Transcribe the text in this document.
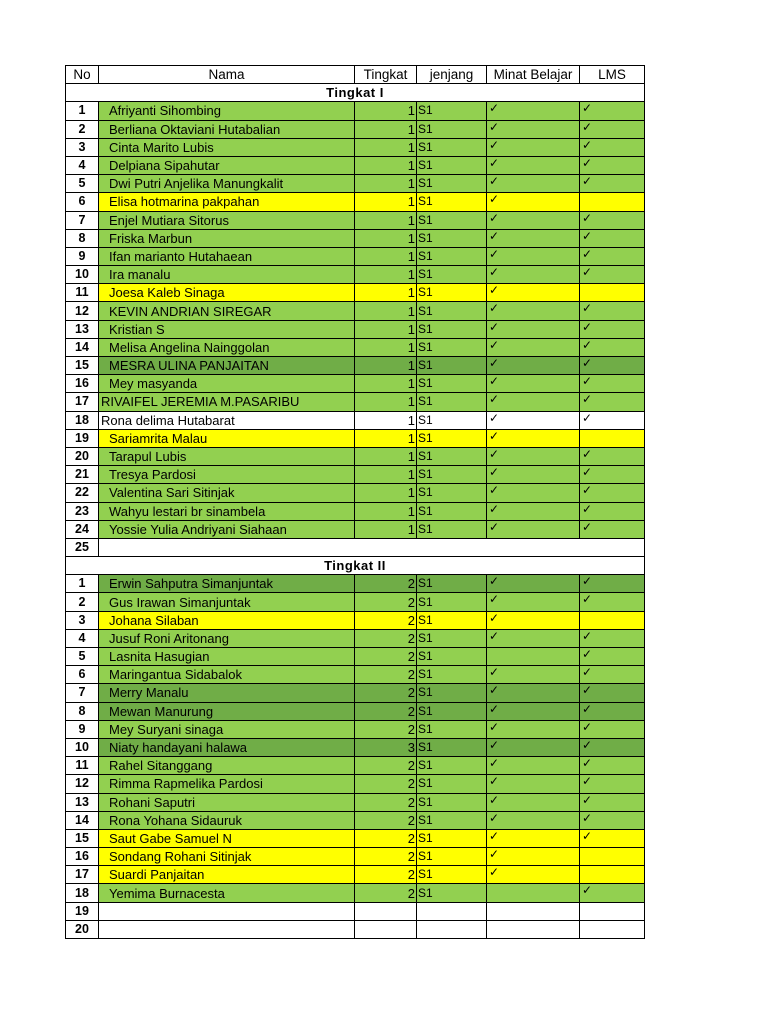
No	Nama	Tingkat	jenjang	Minat Belajar	LMS
Tingkat I					
1	Afriyanti Sihombing	1	S1	✓	✓
2	Berliana Oktaviani Hutabalian	1	S1	✓	✓
3	Cinta Marito Lubis	1	S1	✓	✓
4	Delpiana Sipahutar	1	S1	✓	✓
5	Dwi Putri Anjelika Manungkalit	1	S1	✓	✓
6	Elisa hotmarina pakpahan	1	S1	✓	
7	Enjel Mutiara Sitorus	1	S1	✓	✓
8	Friska Marbun	1	S1	✓	✓
9	Ifan marianto Hutahaean	1	S1	✓	✓
10	Ira manalu	1	S1	✓	✓
11	Joesa Kaleb Sinaga	1	S1	✓	
12	KEVIN ANDRIAN SIREGAR	1	S1	✓	✓
13	Kristian S	1	S1	✓	✓
14	Melisa Angelina Nainggolan	1	S1	✓	✓
15	MESRA ULINA PANJAITAN	1	S1	✓	✓
16	Mey masyanda	1	S1	✓	✓
17	RIVAIFEL JEREMIA M.PASARIBU	1	S1	✓	✓
18	Rona delima Hutabarat	1	S1	✓	✓
19	Sariamrita Malau	1	S1	✓	
20	Tarapul Lubis	1	S1	✓	✓
21	Tresya Pardosi	1	S1	✓	✓
22	Valentina Sari Sitinjak	1	S1	✓	✓
23	Wahyu lestari br sinambela	1	S1	✓	✓
24	Yossie Yulia Andriyani Siahaan	1	S1	✓	✓
25					
Tingkat II					
1	Erwin Sahputra Simanjuntak	2	S1	✓	✓
2	Gus Irawan Simanjuntak	2	S1	✓	✓
3	Johana Silaban	2	S1	✓	
4	Jusuf Roni Aritonang	2	S1	✓	✓
5	Lasnita Hasugian	2	S1		✓
6	Maringantua Sidabalok	2	S1	✓	✓
7	Merry Manalu	2	S1	✓	✓
8	Mewan Manurung	2	S1	✓	✓
9	Mey Suryani sinaga	2	S1	✓	✓
10	Niaty handayani halawa	3	S1	✓	✓
11	Rahel Sitanggang	2	S1	✓	✓
12	Rimma Rapmelika Pardosi	2	S1	✓	✓
13	Rohani Saputri	2	S1	✓	✓
14	Rona Yohana Sidauruk	2	S1	✓	✓
15	Saut Gabe Samuel N	2	S1	✓	✓
16	Sondang Rohani Sitinjak	2	S1	✓	
17	Suardi Panjaitan	2	S1	✓	
18	Yemima Burnacesta	2	S1		✓
19					
20					
